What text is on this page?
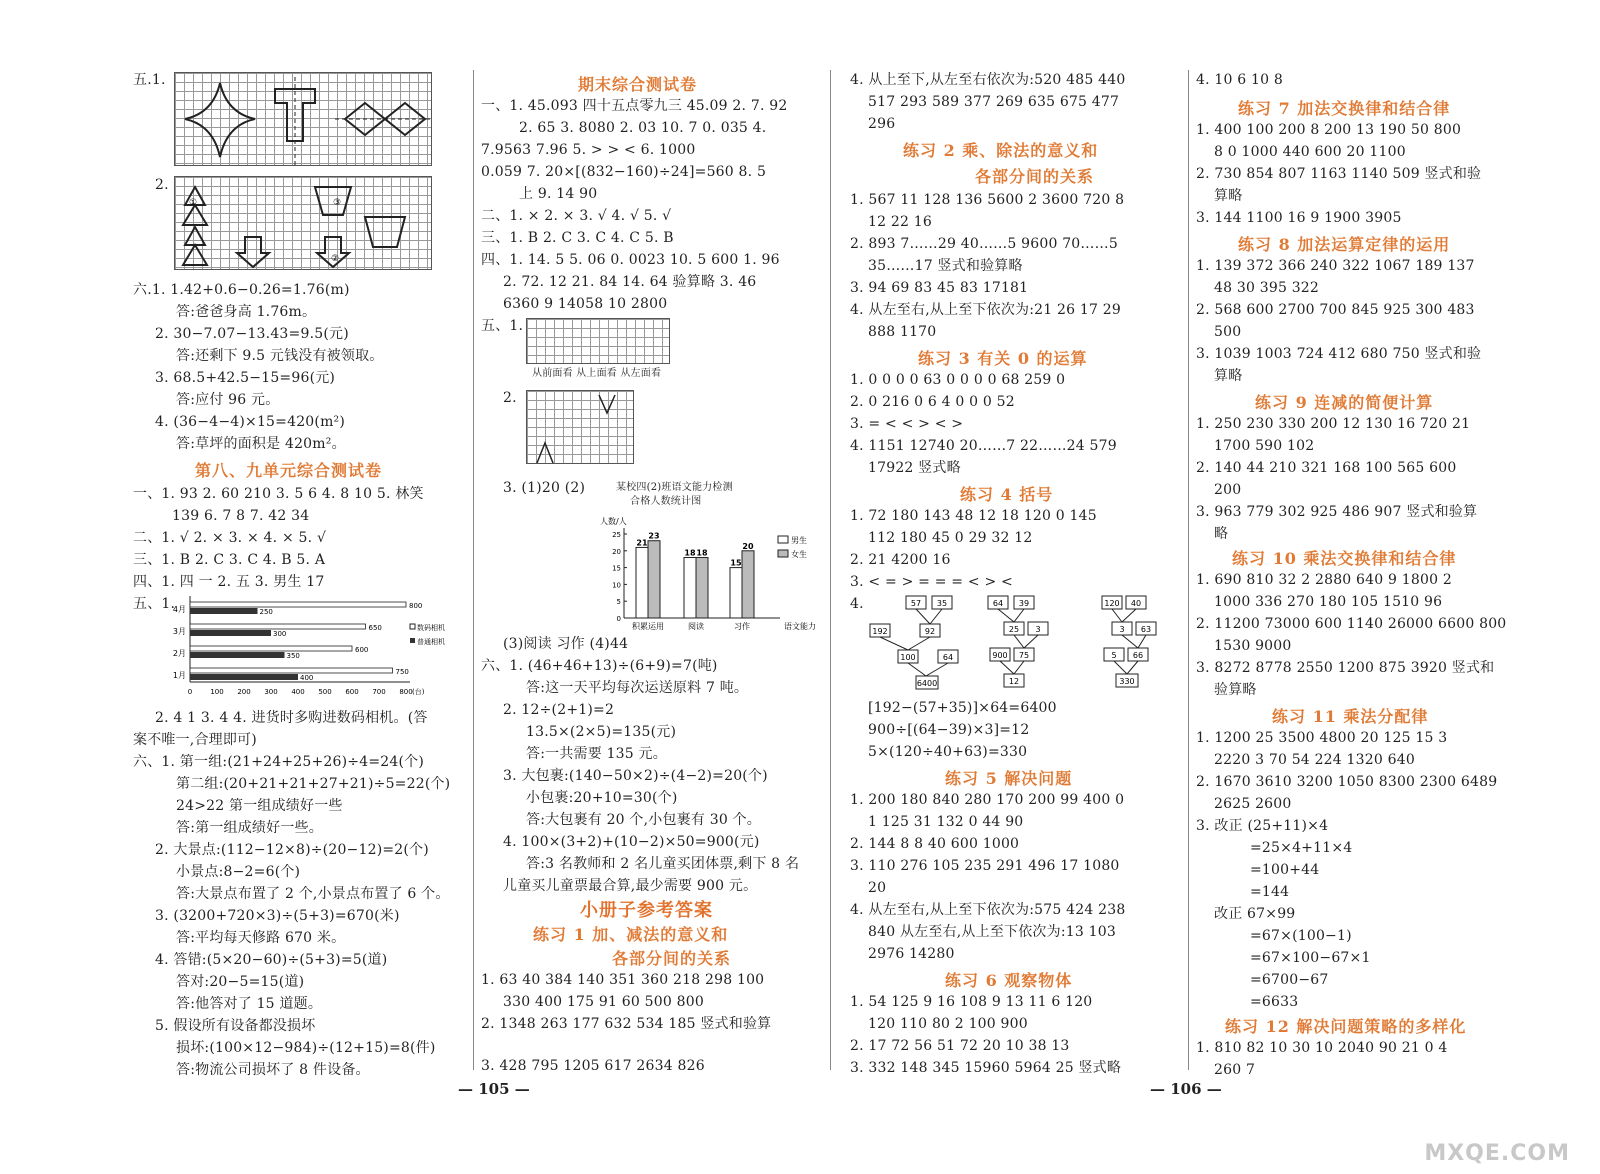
五.1.
2.
①	③
②
六.1. 1.42+0.6−0.26=1.76(m)
答:爸爸身高 1.76m。
2. 30−7.07−13.43=9.5(元)
答:还剩下 9.5 元钱没有被领取。
3. 68.5+42.5−15=96(元)
答:应付 96 元。
4. (36−4−4)×15=420(m²)
答:草坪的面积是 420m²。
第八、九单元综合测试卷
一、1. 93 2. 60 210 3. 5 6 4. 8 10 5. 林笑
139 6. 7 8 7. 42 34
二、1. √ 2. × 3. × 4. × 5. √
三、1. B 2. C 3. C 4. B 5. A
四、1. 四 一 2. 五 3. 男生 17
五、1.
4月	250
800
3月	300
650
2月	350
600
1月	400
750
0	100 200 300 400 500 600 700 800 (台)
数码相机
普通相机
2. 4 1 3. 4 4. 进货时多购进数码相机。(答
案不唯一,合理即可)
六、1. 第一组:(21+24+25+26)÷4=24(个)
第二组:(20+21+21+27+21)÷5=22(个)
24>22 第一组成绩好一些
答:第一组成绩好一些。
2. 大景点:(112−12×8)÷(20−12)=2(个)
小景点:8−2=6(个)
答:大景点布置了 2 个,小景点布置了 6 个。
3. (3200+720×3)÷(5+3)=670(米)
答:平均每天修路 670 米。
4. 答错:(5×20−60)÷(5+3)=5(道)
答对:20−5=15(道)
答:他答对了 15 道题。
5. 假设所有设备都没损坏
损坏:(100×12−984)÷(12+15)=8(件)
答:物流公司损坏了 8 件设备。
期末综合测试卷
一、1. 45.093 四十五点零九三 45.09 2. 7. 92
2. 65 3. 8080 2. 03 10. 7 0. 035 4.
7.9563 7.96 5. > > < 6. 1000
0.059 7. 20×[(832−160)÷24]=560 8. 5
上 9. 14 90
二、1. × 2. × 3. √ 4. √ 5. √
三、1. B 2. C 3. C 4. C 5. B
四、1. 14. 5 5. 06 0. 0023 10. 5 600 1. 96
2. 72. 12 21. 84 14. 64 验算略 3. 46
6360 9 14058 10 2800
五、1.
从前面看 从上面看 从左面看
2.
3. (1)20 (2)	某校四(2)班语文能力检测
合格人数统计图
人数/人
0
5
10
15
20
25
21
23
积累运用
18 18
阅读
15
20
习作	语文能力
男生
女生
(3)阅读 习作 (4)44
六、1. (46+46+13)÷(6+9)=7(吨)
答:这一天平均每次运送原料 7 吨。
2. 12÷(2+1)=2
13.5×(2×5)=135(元)
答:一共需要 135 元。
3. 大包裹:(140−50×2)÷(4−2)=20(个)
小包裹:20+10=30(个)
答:大包裹有 20 个,小包裹有 30 个。
4. 100×(3+2)+(10−2)×50=900(元)
答:3 名教师和 2 名儿童买团体票,剩下 8 名
儿童买儿童票最合算,最少需要 900 元。
小册子参考答案
练习 1 加、减法的意义和
各部分间的关系
1. 63 40 384 140 351 360 218 298 100
330 400 175 91 60 500 800
2. 1348 263 177 632 534 185 竖式和验算
3. 428 795 1205 617 2634 826
— 105 —
4. 从上至下,从左至右依次为:520 485 440
517 293 589 377 269 635 675 477
296
练习 2 乘、除法的意义和
各部分间的关系
1. 567 11 128 136 5600 2 3600 720 8
12 22 16
2. 893 7……29 40……5 9600 70……5
35……17 竖式和验算略
3. 94 69 83 45 83 17181
4. 从左至右,从上至下依次为:21 26 17 29
888 1170
练习 3 有关 0 的运算
1. 0 0 0 0 63 0 0 0 0 68 259 0
2. 0 216 0 6 4 0 0 0 52
3. = < < > < >
4. 1151 12740 20……7 22……24 579
17922 竖式略
练习 4 括号
1. 72 180 143 48 12 18 120 0 145
112 180 45 0 29 32 12
2. 21 4200 16
3. < = > = = = < > <
4.	57 35
192	92
100	64
6400
64 39
25 3
900 75
12
120 40
3 63
5 66
330
[192−(57+35)]×64=6400
900÷[(64−39)×3]=12
5×(120÷40+63)=330
练习 5 解决问题
1. 200 180 840 280 170 200 99 400 0
1 125 31 132 0 44 90
2. 144 8 8 40 600 1000
3. 110 276 105 235 291 496 17 1080
20
4. 从左至右,从上至下依次为:575 424 238
840 从左至右,从上至下依次为:13 103
2976 14280
练习 6 观察物体
1. 54 125 9 16 108 9 13 11 6 120
120 110 80 2 100 900
2. 17 72 56 51 72 20 10 38 13
3. 332 148 345 15960 5964 25 竖式略
4. 10 6 10 8
练习 7 加法交换律和结合律
1. 400 100 200 8 200 13 190 50 800
8 0 1000 440 600 20 1100
2. 730 854 807 1163 1140 509 竖式和验
算略
3. 144 1100 16 9 1900 3905
练习 8 加法运算定律的运用
1. 139 372 366 240 322 1067 189 137
48 30 395 322
2. 568 600 2700 700 845 925 300 483
500
3. 1039 1003 724 412 680 750 竖式和验
算略
练习 9 连减的简便计算
1. 250 230 330 200 12 130 16 720 21
1700 590 102
2. 140 44 210 321 168 100 565 600
200
3. 963 779 302 925 486 907 竖式和验算
略
练习 10 乘法交换律和结合律
1. 690 810 32 2 2880 640 9 1800 2
1000 336 270 180 105 1510 96
2. 11200 73000 600 1140 26000 6600 800
1530 9000
3. 8272 8778 2550 1200 875 3920 竖式和
验算略
练习 11 乘法分配律
1. 1200 25 3500 4800 20 125 15 3
2220 3 70 54 224 1320 640
2. 1670 3610 3200 1050 8300 2300 6489
2625 2600
3. 改正 (25+11)×4
=25×4+11×4
=100+44
=144
改正 67×99
=67×(100−1)
=67×100−67×1
=6700−67
=6633
练习 12 解决问题策略的多样化
1. 810 82 10 30 10 2040 90 21 0 4
260 7
— 106 —
MXQE.COM
